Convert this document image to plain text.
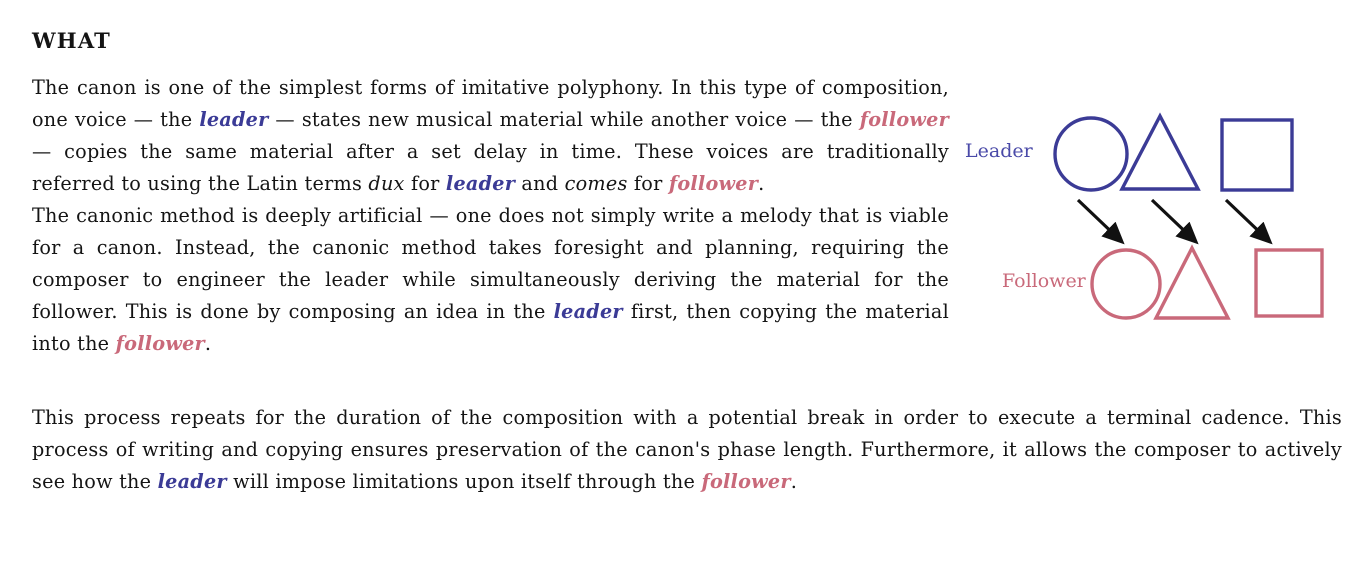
WHAT

The canon is one of the simplest forms of imitative polyphony. In this type of composition, one voice — the leader — states new musical material while another voice — the follower — copies the same material after a set delay in time. These voices are traditionally referred to using the Latin terms dux for leader and comes for follower.

The canonic method is deeply artificial — one does not simply write a melody that is viable for a canon. Instead, the canonic method takes foresight and planning, requiring the composer to engineer the leader while simultaneously deriving the material for the follower. This is done by composing an idea in the leader first, then copying the material into the follower.

This process repeats for the duration of the composition with a potential break in order to execute a terminal cadence. This process of writing and copying ensures preservation of the canon's phase length. Furthermore, it allows the composer to actively see how the leader will impose limitations upon itself through the follower.

Leader
Follower
